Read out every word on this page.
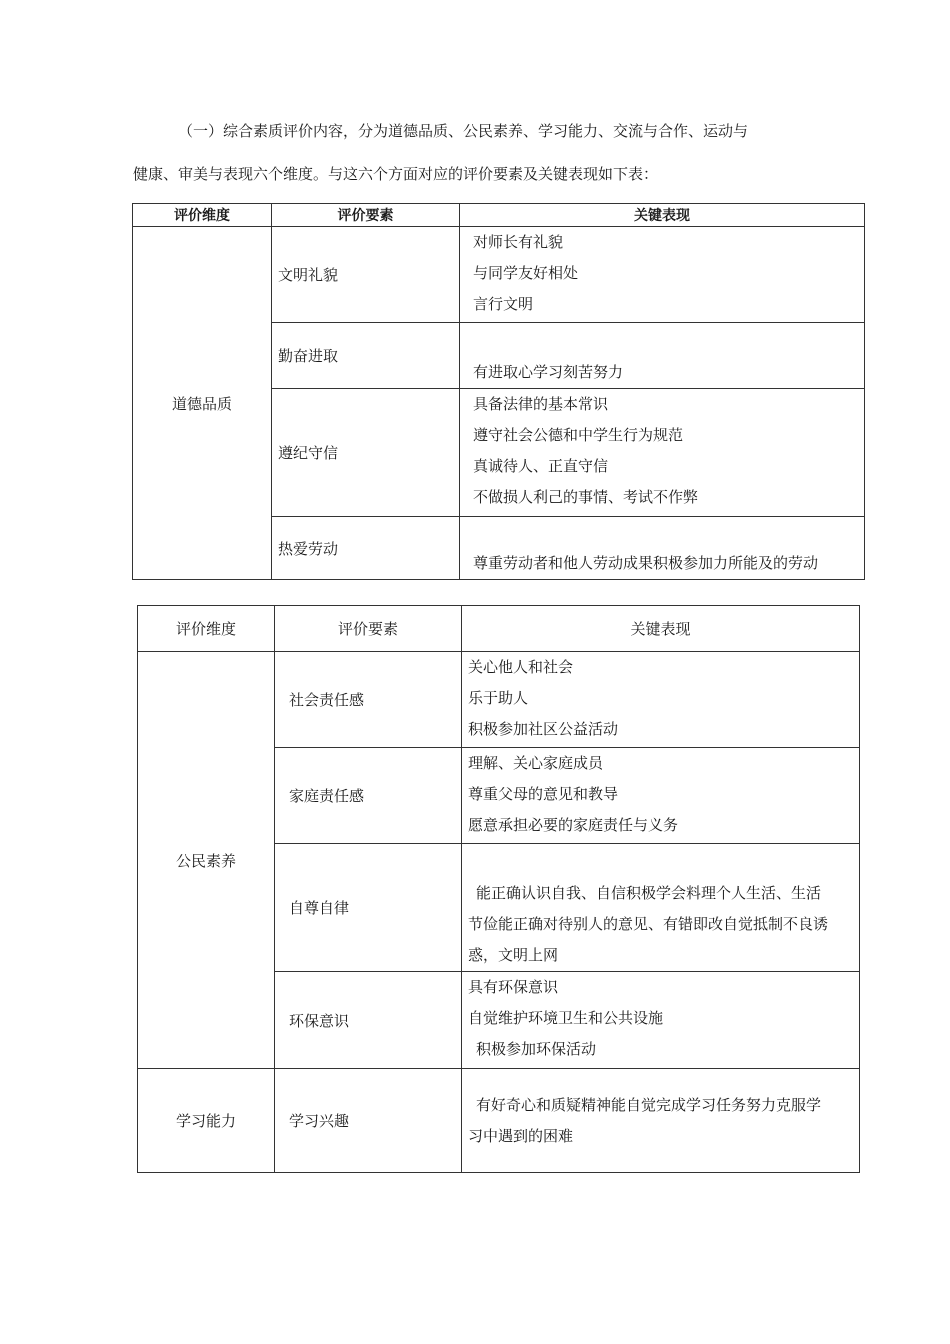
（一）综合素质评价内容，分为道德品质、公民素养、学习能力、交流与合作、运动与
健康、审美与表现六个维度。与这六个方面对应的评价要素及关键表现如下表：
评价维度	评价要素	关键表现
道德品质	文明礼貌	对师长有礼貌
与同学友好相处
言行文明

	勤奋进取	有进取心学习刻苦努力

	遵纪守信	具备法律的基本常识
遵守社会公德和中学生行为规范
真诚待人、正直守信
不做损人利己的事情、考试不作弊

	热爱劳动	尊重劳动者和他人劳动成果积极参加力所能及的劳动
评价维度	评价要素	关键表现
公民素养	社会责任感	关心他人和社会
乐于助人
积极参加社区公益活动

	家庭责任感	理解、关心家庭成员
尊重父母的意见和教导
愿意承担必要的家庭责任与义务

	自尊自律	能正确认识自我、自信积极学会料理个人生活、生活
节俭能正确对待别人的意见、有错即改自觉抵制不良诱
惑，文明上网

	环保意识	具有环保意识
自觉维护环境卫生和公共设施
积极参加环保活动

学习能力	学习兴趣	有好奇心和质疑精神能自觉完成学习任务努力克服学
习中遇到的困难
